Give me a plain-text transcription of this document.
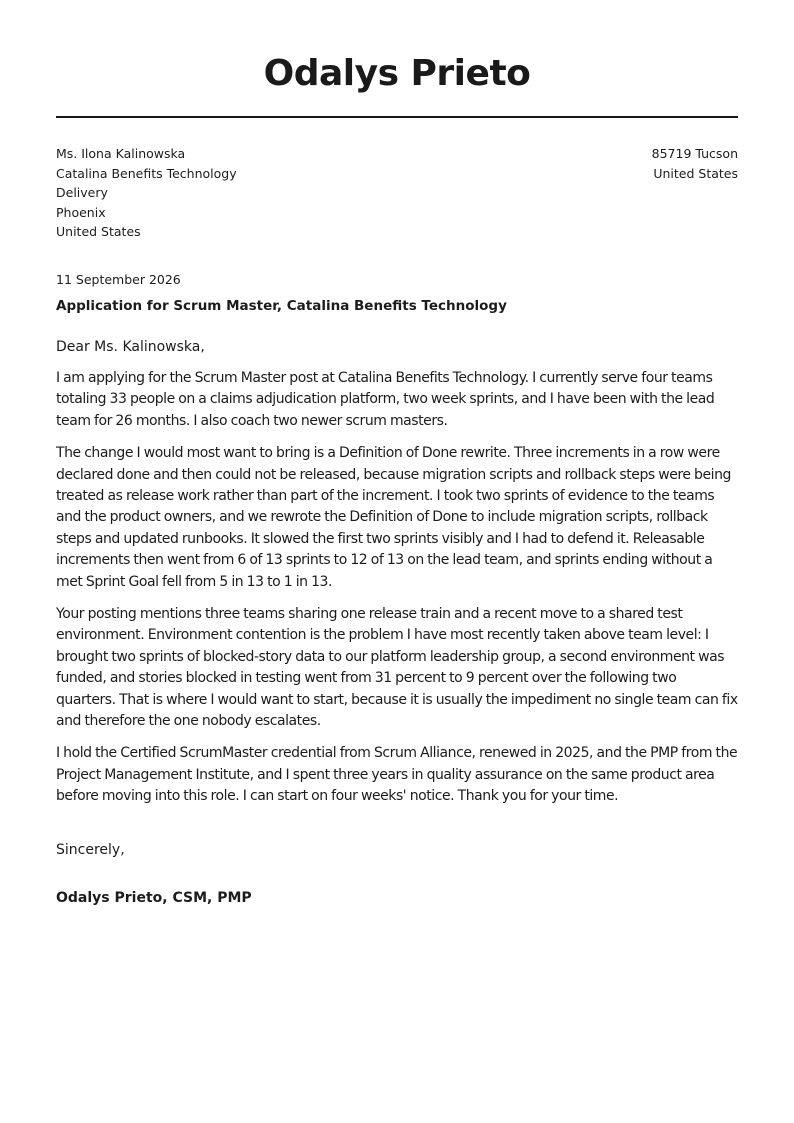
Odalys Prieto
Ms. Ilona Kalinowska
Catalina Benefits Technology
Delivery
Phoenix
United States
85719 Tucson
United States
11 September 2026
Application for Scrum Master, Catalina Benefits Technology
Dear Ms. Kalinowska,

I am applying for the Scrum Master post at Catalina Benefits Technology. I currently serve four teams totaling 33 people on a claims adjudication platform, two week sprints, and I have been with the lead team for 26 months. I also coach two newer scrum masters.

The change I would most want to bring is a Definition of Done rewrite. Three increments in a row were declared done and then could not be released, because migration scripts and rollback steps were being treated as release work rather than part of the increment. I took two sprints of evidence to the teams and the product owners, and we rewrote the Definition of Done to include migration scripts, rollback steps and updated runbooks. It slowed the first two sprints visibly and I had to defend it. Releasable increments then went from 6 of 13 sprints to 12 of 13 on the lead team, and sprints ending without a met Sprint Goal fell from 5 in 13 to 1 in 13.

Your posting mentions three teams sharing one release train and a recent move to a shared test environment. Environment contention is the problem I have most recently taken above team level: I brought two sprints of blocked-story data to our platform leadership group, a second environment was funded, and stories blocked in testing went from 31 percent to 9 percent over the following two quarters. That is where I would want to start, because it is usually the impediment no single team can fix and therefore the one nobody escalates.

I hold the Certified ScrumMaster credential from Scrum Alliance, renewed in 2025, and the PMP from the Project Management Institute, and I spent three years in quality assurance on the same product area before moving into this role. I can start on four weeks' notice. Thank you for your time.

Sincerely,
Odalys Prieto, CSM, PMP
